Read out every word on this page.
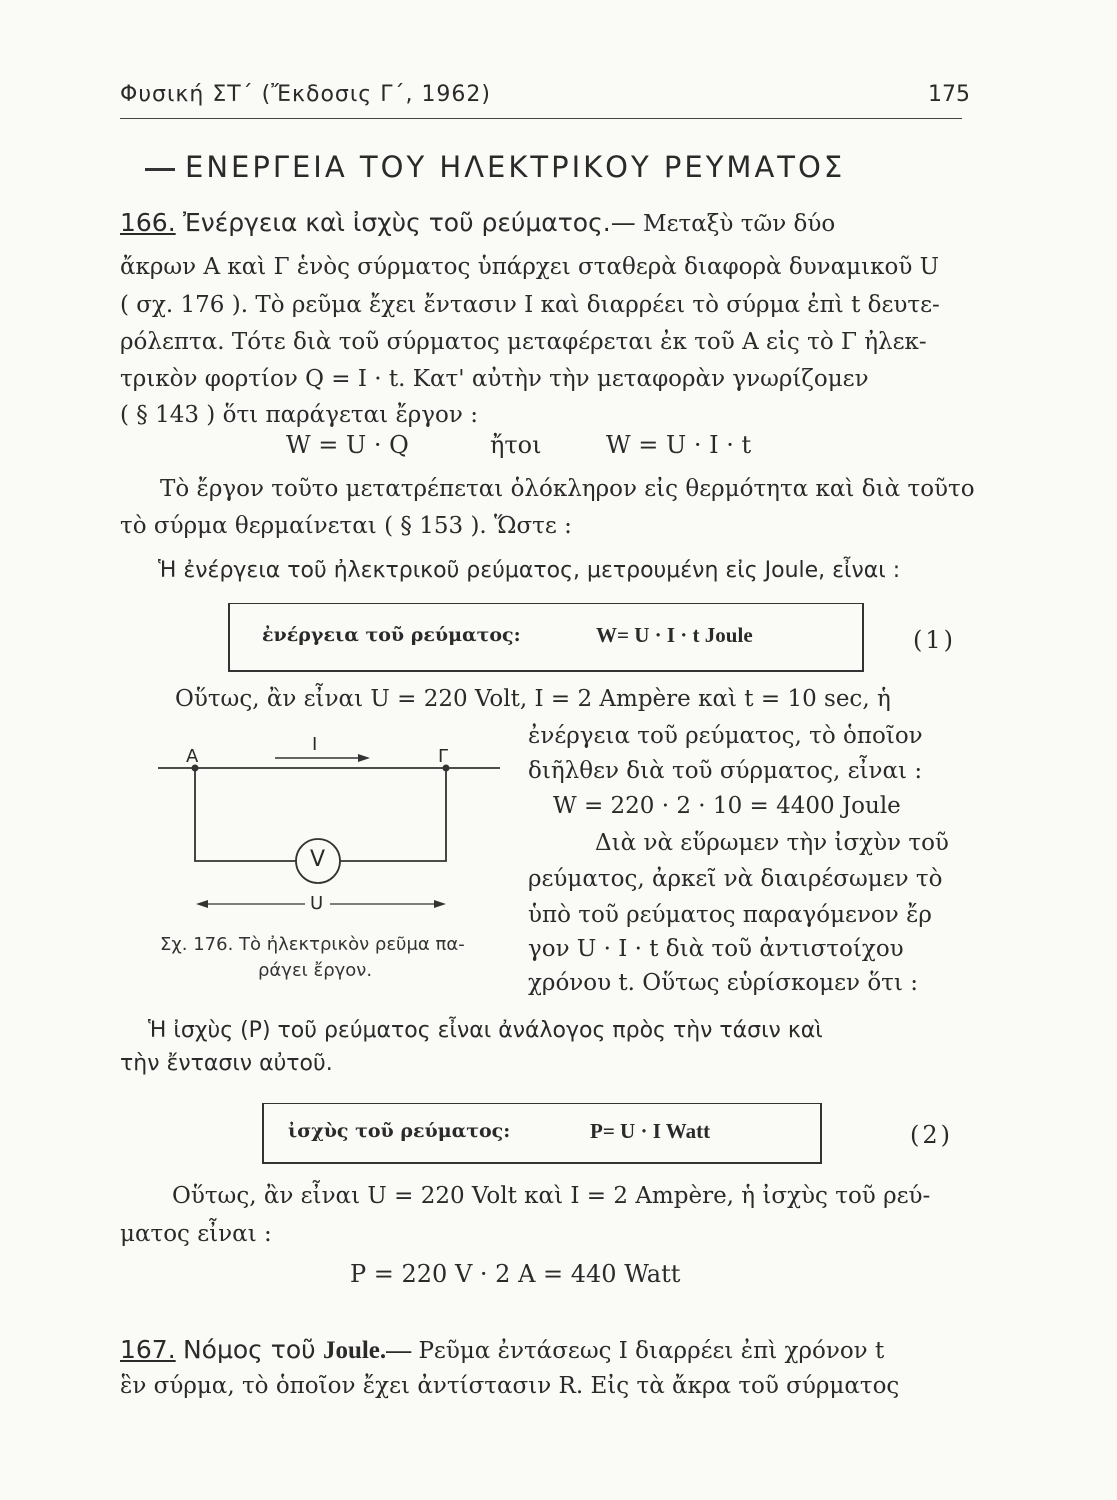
Φυσική ΣΤ΄ (Ἔκδοσις Γ΄, 1962)	175
ΕΝΕΡΓΕΙΑ ΤΟΥ ΗΛΕΚΤΡΙΚΟΥ ΡΕΥΜΑΤΟΣ
166. Ἐνέργεια καὶ ἰσχὺς τοῦ ρεύματος.— Μεταξὺ τῶν δύο
ἄκρων Α καὶ Γ ἑνὸς σύρματος ὑπάρχει σταθερὰ διαφορὰ δυναμικοῦ U
( σχ. 176 ). Τὸ ρεῦμα ἔχει ἔντασιν Ι καὶ διαρρέει τὸ σύρμα ἐπὶ t δευτε-
ρόλεπτα. Τότε διὰ τοῦ σύρματος μεταφέρεται ἐκ τοῦ Α εἰς τὸ Γ ἠλεκ-
τρικὸν φορτίον Q = I · t. Κατ' αὐτὴν τὴν μεταφορὰν γνωρίζομεν
( § 143 ) ὅτι παράγεται ἔργον :
W = U · Q	ἤτοι	W = U · I · t
Τὸ ἔργον τοῦτο μετατρέπεται ὁλόκληρον εἰς θερμότητα καὶ διὰ τοῦτο
τὸ σύρμα θερμαίνεται ( § 153 ). Ὥστε :
Ἡ ἐνέργεια τοῦ ἠλεκτρικοῦ ρεύματος, μετρουμένη εἰς Joule, εἶναι :
ἐνέργεια τοῦ ρεύματος:	W= U · I · t Joule	(1)
Οὕτως, ἂν εἶναι U = 220 Volt, I = 2 Ampère καὶ t = 10 sec, ἡ
ἐνέργεια τοῦ ρεύματος, τὸ ὁποῖον
διῆλθεν διὰ τοῦ σύρματος, εἶναι :
W = 220 · 2 · 10 = 4400 Joule
Διὰ νὰ εὕρωμεν τὴν ἰσχὺν τοῦ
ρεύματος, ἀρκεῖ νὰ διαιρέσωμεν τὸ
ὑπὸ τοῦ ρεύματος παραγόμενον ἔρ
γον U · I · t διὰ τοῦ ἀντιστοίχου
χρόνου t. Οὕτως εὑρίσκομεν ὅτι :
A	Γ
I
V
U
Σχ. 176. Τὸ ἠλεκτρικὸν ρεῦμα πα-
ράγει ἔργον.
Ἡ ἰσχὺς (P) τοῦ ρεύματος εἶναι ἀνάλογος πρὸς τὴν τάσιν καὶ
τὴν ἔντασιν αὐτοῦ.
ἰσχὺς τοῦ ρεύματος:	P= U · I Watt	(2)
Οὕτως, ἂν εἶναι U = 220 Volt καὶ I = 2 Ampère, ἡ ἰσχὺς τοῦ ρεύ-
ματος εἶναι :
P = 220 V · 2 A = 440 Watt
167. Νόμος τοῦ Joule.— Ρεῦμα ἐντάσεως Ι διαρρέει ἐπὶ χρόνον t
ἓν σύρμα, τὸ ὁποῖον ἔχει ἀντίστασιν R. Εἰς τὰ ἄκρα τοῦ σύρματος
